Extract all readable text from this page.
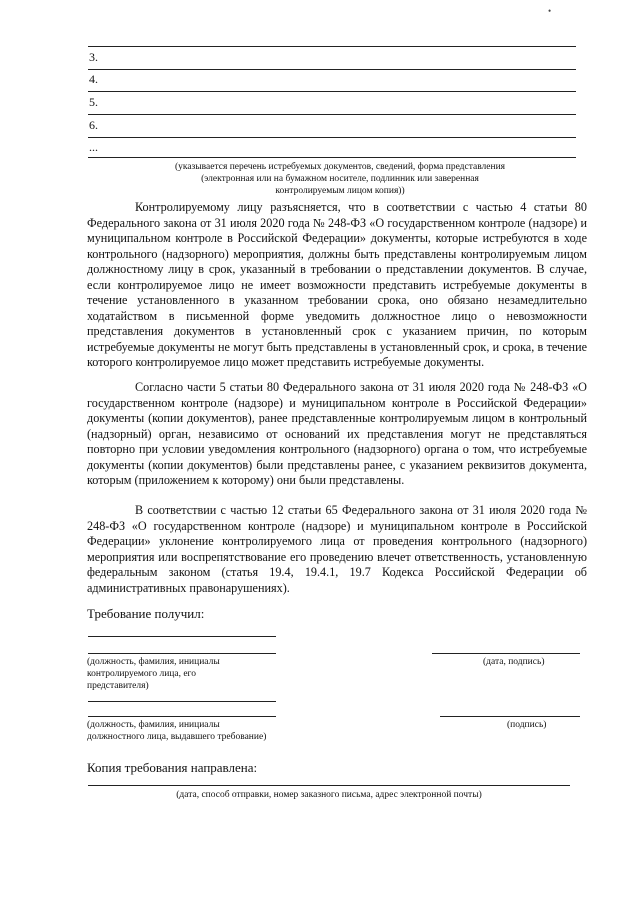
•
3.
4.
5.
6.
...
(указывается перечень истребуемых документов, сведений, форма представления
(электронная или на бумажном носителе, подлинник или заверенная
контролируемым лицом копия))

Контролируемому лицу разъясняется, что в соответствии с частью 4 статьи 80 Федерального закона от 31 июля 2020 года № 248-ФЗ «О государственном контроле (надзоре) и муниципальном контроле в Российской Федерации» документы, которые истребуются в ходе контрольного (надзорного) мероприятия, должны быть представлены контролируемым лицом должностному лицу в срок, указанный в требовании о представлении документов. В случае, если контролируемое лицо не имеет возможности представить истребуемые документы в течение установленного в указанном требовании срока, оно обязано незамедлительно ходатайством в письменной форме уведомить должностное лицо о невозможности представления документов в установленный срок с указанием причин, по которым истребуемые документы не могут быть представлены в установленный срок, и срока, в течение которого контролируемое лицо может представить истребуемые документы.

Согласно части 5 статьи 80 Федерального закона от 31 июля 2020 года № 248-ФЗ «О государственном контроле (надзоре) и муниципальном контроле в Российской Федерации» документы (копии документов), ранее представленные контролируемым лицом в контрольный (надзорный) орган, независимо от оснований их представления могут не представляться повторно при условии уведомления контрольного (надзорного) органа о том, что истребуемые документы (копии документов) были представлены ранее, с указанием реквизитов документа, которым (приложением к которому) они были представлены.

В соответствии с частью 12 статьи 65 Федерального закона от 31 июля 2020 года № 248-ФЗ «О государственном контроле (надзоре) и муниципальном контроле в Российской Федерации» уклонение контролируемого лица от проведения контрольного (надзорного) мероприятия или воспрепятствование его проведению влечет ответственность, установленную федеральным законом (статья 19.4, 19.4.1, 19.7 Кодекса Российской Федерации об административных правонарушениях).

Требование получил:
(должность, фамилия, инициалы
контролируемого лица, его
представителя)
(дата, подпись)
(должность, фамилия, инициалы
должностного лица, выдавшего требование)
(подпись)
Копия требования направлена:
(дата, способ отправки, номер заказного письма, адрес электронной почты)
